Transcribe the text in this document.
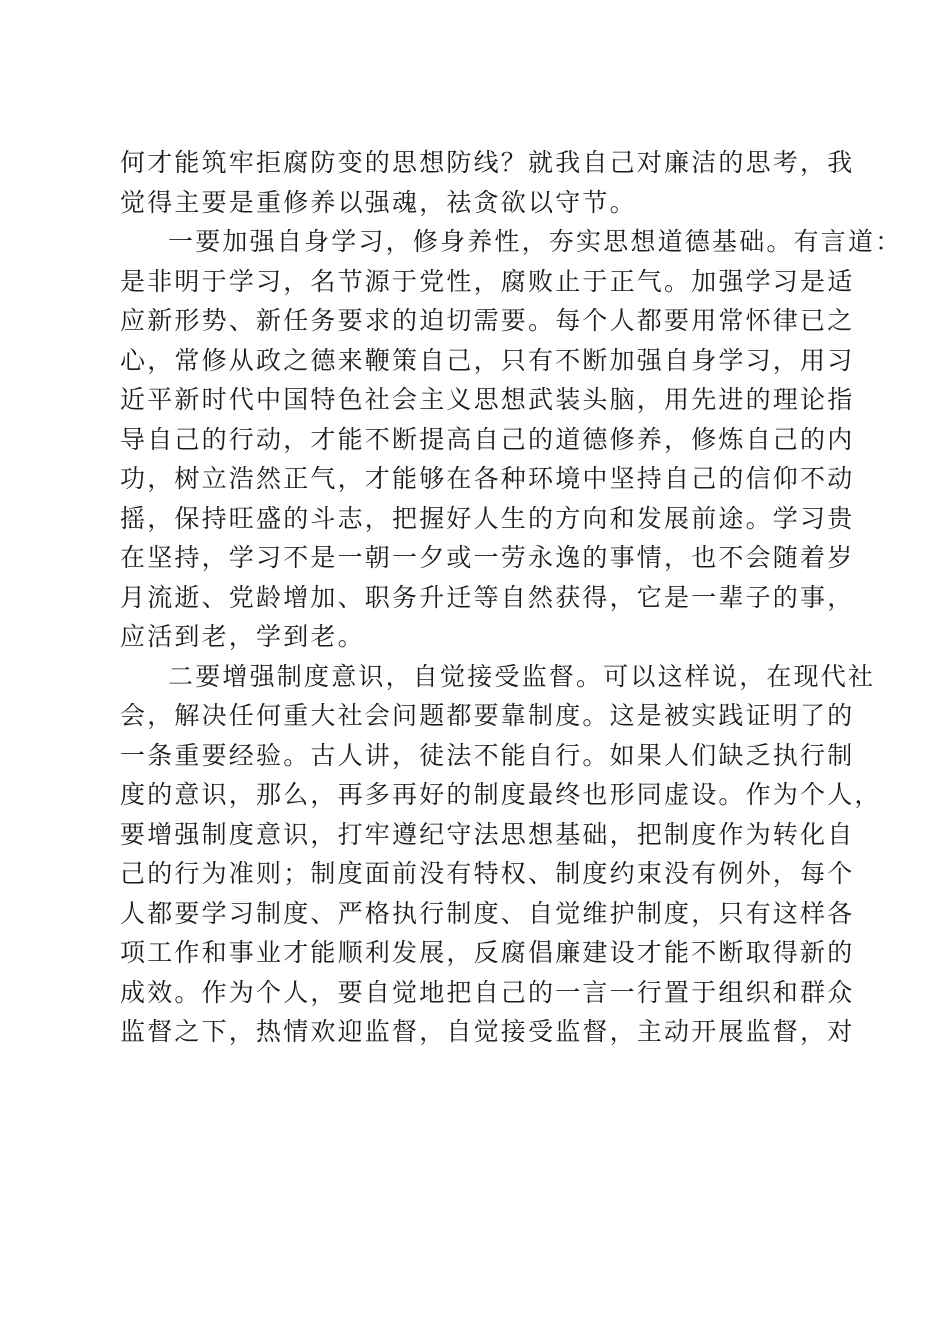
何才能筑牢拒腐防变的思想防线？就我自己对廉洁的思考，我
觉得主要是重修养以强魂，祛贪欲以守节。
一要加强自身学习，修身养性，夯实思想道德基础。有言道：
是非明于学习，名节源于党性，腐败止于正气。加强学习是适
应新形势、新任务要求的迫切需要。每个人都要用常怀律已之
心，常修从政之德来鞭策自己，只有不断加强自身学习，用习
近平新时代中国特色社会主义思想武装头脑，用先进的理论指
导自己的行动，才能不断提高自己的道德修养，修炼自己的内
功，树立浩然正气，才能够在各种环境中坚持自己的信仰不动
摇，保持旺盛的斗志，把握好人生的方向和发展前途。学习贵
在坚持，学习不是一朝一夕或一劳永逸的事情，也不会随着岁
月流逝、党龄增加、职务升迁等自然获得，它是一辈子的事，
应活到老，学到老。
二要增强制度意识，自觉接受监督。可以这样说，在现代社
会，解决任何重大社会问题都要靠制度。这是被实践证明了的
一条重要经验。古人讲，徒法不能自行。如果人们缺乏执行制
度的意识，那么，再多再好的制度最终也形同虚设。作为个人，
要增强制度意识，打牢遵纪守法思想基础，把制度作为转化自
己的行为准则；制度面前没有特权、制度约束没有例外，每个
人都要学习制度、严格执行制度、自觉维护制度，只有这样各
项工作和事业才能顺利发展，反腐倡廉建设才能不断取得新的
成效。作为个人，要自觉地把自己的一言一行置于组织和群众
监督之下，热情欢迎监督，自觉接受监督，主动开展监督，对
